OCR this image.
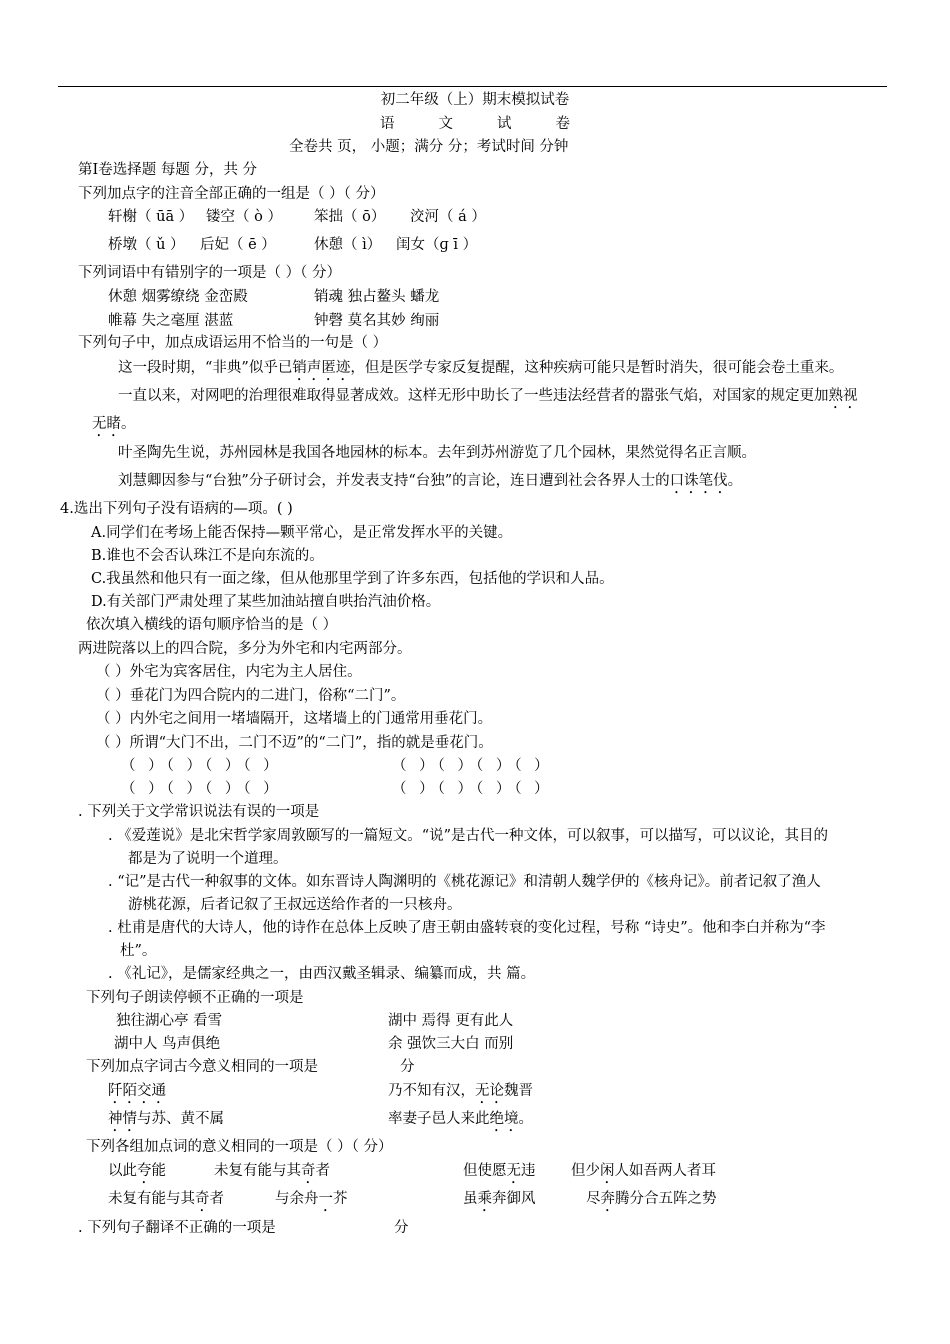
初二年级（上）期末模拟试卷
语	文	试	卷
全卷共 页， 小题；满分 分；考试时间 分钟
第Ⅰ卷选择题 每题 分，共 分
下列加点字的注音全部正确的一组是（ ）（ 分）
轩榭（ ūā ） 镂空（ ò ） 笨拙（ ō） 洨河（ á ）
桥墩（ ǔ ） 后妃（ ē ）	休憩（ ì） 闺女（ɡ ī ）
下列词语中有错别字的一项是（ ）（ 分）
休憩 烟雾缭绕 金峦殿	销魂 独占鳌头 蟠龙
帷幕 失之毫厘 湛蓝	钟磬 莫名其妙 绚丽
下列句子中，加点成语运用不恰当的一句是（ ）
这一段时期，“非典”似乎已销声匿迹，但是医学专家反复提醒，这种疾病可能只是暂时消失，很可能会卷土重来。
一直以来，对网吧的治理很难取得显著成效。这样无形中助长了一些违法经营者的嚣张气焰，对国家的规定更加熟视
无睹。
叶圣陶先生说，苏州园林是我国各地园林的标本。去年到苏州游览了几个园林，果然觉得名正言顺。
刘慧卿因参与“台独”分子研讨会，并发表支持“台独”的言论，连日遭到社会各界人士的口诛笔伐。
4.选出下列句子没有语病的—项。( )
A.同学们在考场上能否保持—颗平常心，是正常发挥水平的关键。
B.谁也不会否认珠江不是向东流的。
C.我虽然和他只有一面之缘，但从他那里学到了许多东西，包括他的学识和人品。
D.有关部门严肃处理了某些加油站擅自哄抬汽油价格。
依次填入横线的语句顺序恰当的是（ ）
两进院落以上的四合院，多分为外宅和内宅两部分。
（ ）外宅为宾客居住，内宅为主人居住。
（ ）垂花门为四合院内的二进门，俗称“二门”。
（ ）内外宅之间用一堵墙隔开，这堵墙上的门通常用垂花门。
（ ）所谓“大门不出，二门不迈”的“二门”，指的就是垂花门。
（ ）（ ）（ ）（ ）	（ ）（ ）（ ）（ ）
（ ）（ ）（ ）（ ）	（ ）（ ）（ ）（ ）
. 下列关于文学常识说法有误的一项是
. 《爱莲说》是北宋哲学家周敦颐写的一篇短文。“说”是古代一种文体，可以叙事，可以描写，可以议论，其目的
都是为了说明一个道理。
. “记”是古代一种叙事的文体。如东晋诗人陶渊明的《桃花源记》和清朝人魏学伊的《核舟记》。前者记叙了渔人
游桃花源，后者记叙了王叔远送给作者的一只核舟。
. 杜甫是唐代的大诗人，他的诗作在总体上反映了唐王朝由盛转衰的变化过程，号称 “诗史”。他和李白并称为“李
杜”。
. 《礼记》，是儒家经典之一，由西汉戴圣辑录、编纂而成，共 篇。
下列句子朗读停顿不正确的一项是
独往湖心亭 看雪	湖中 焉得 更有此人
湖中人 鸟声俱绝	余 强饮三大白 而别
下列加点字词古今意义相同的一项是	分
阡陌交通	乃不知有汉，无论魏晋
神情与苏、黄不属	率妻子邑人来此绝境。
下列各组加点词的意义相同的一项是（ ）（ 分）
以此夸能	未复有能与其奇者	但使愿无违 但少闲人如吾两人者耳
未复有能与其奇者	与余舟一芥	虽乘奔御风	尽奔腾分合五阵之势
. 下列句子翻译不正确的一项是	分
